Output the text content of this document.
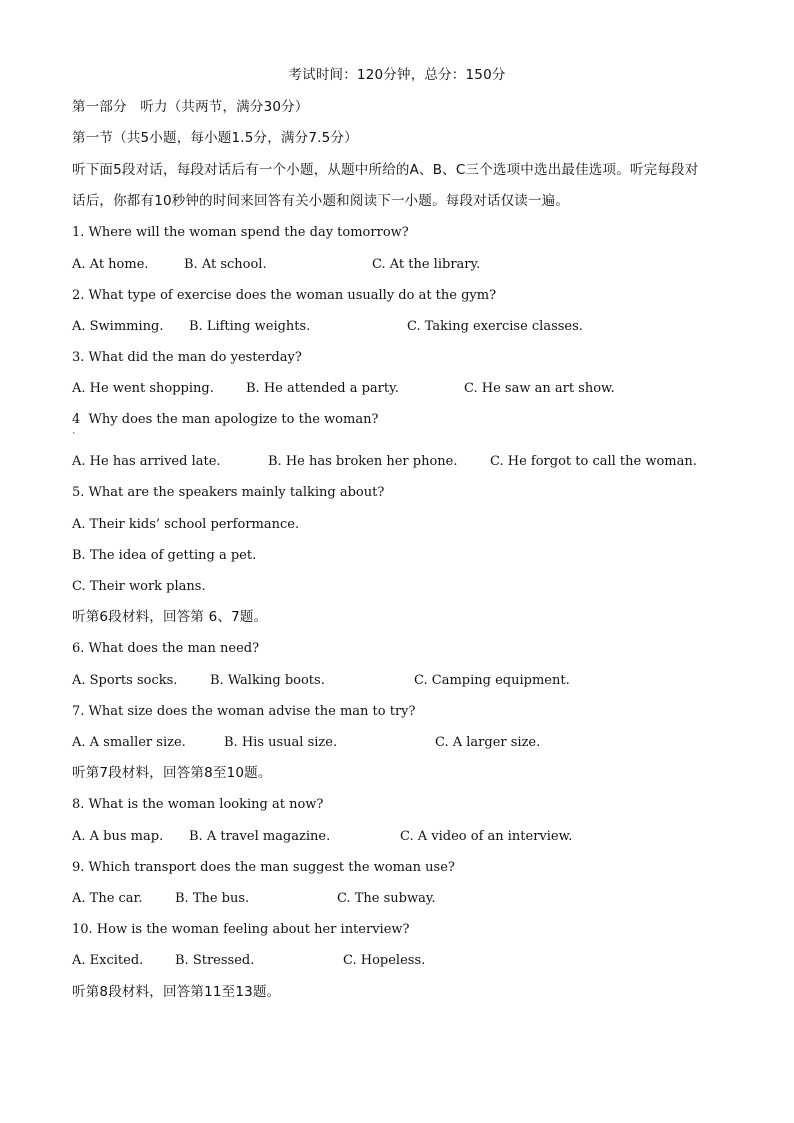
考试时间：120分钟，总分：150分
第一部分   听力（共两节，满分30分）
第一节（共5小题，每小题1.5分，满分7.5分）
听下面5段对话，每段对话后有一个小题，从题中所给的A、B、C三个选项中选出最佳选项。听完每段对
话后，你都有10秒钟的时间来回答有关小题和阅读下一小题。每段对话仅读一遍。
1. Where will the woman spend the day tomorrow?

A. At home.

	B. At school.

	C. At the library.

2. What type of exercise does the woman usually do at the gym?

A. Swimming.

B. Lifting weights.

	C. Taking exercise classes.

3. What did the man do yesterday?

A. He went shopping.

B. He attended a party.

	C. He saw an art show.

4  Why does the man apologize to the woman?
`

A. He has arrived late.

	B. He has broken her phone.

	C. He forgot to call the woman.

5. What are the speakers mainly talking about?
A. Their kids’ school performance.
B. The idea of getting a pet.
C. Their work plans.
听第6段材料，回答第 6、7题。
6. What does the man need?

A. Sports socks.

	B. Walking boots.

	C. Camping equipment.

7. What size does the woman advise the man to try?

A. A smaller size.

	B. His usual size.

	C. A larger size.

听第7段材料，回答第8至10题。
8. What is the woman looking at now?

A. A bus map.

B. A travel magazine.

	C. A video of an interview.

9. Which transport does the man suggest the woman use?

A. The car.

	B. The bus.

	C. The subway.

10. How is the woman feeling about her interview?

A. Excited.

B. Stressed.

	C. Hopeless.

听第8段材料，回答第11至13题。
